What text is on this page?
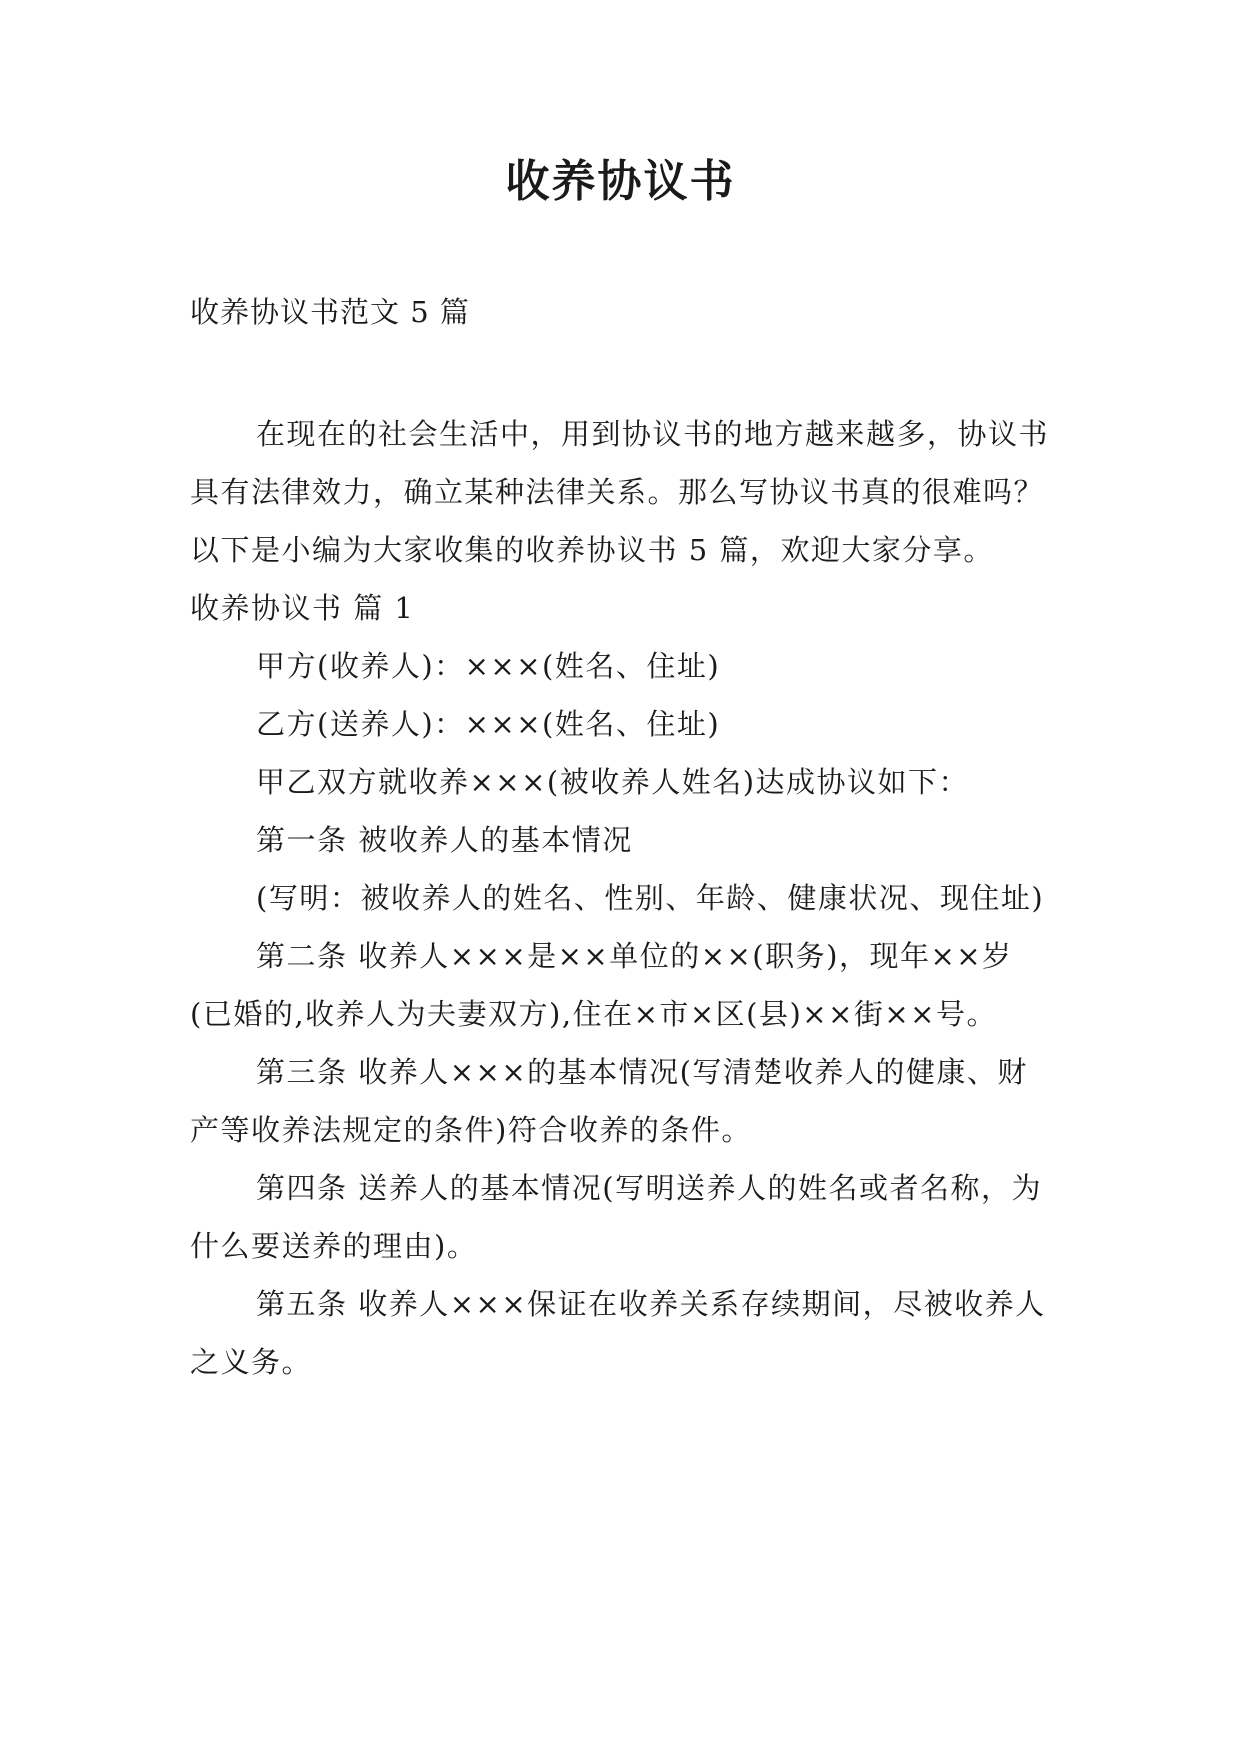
收养协议书

收养协议书范文 5 篇

在现在的社会生活中，用到协议书的地方越来越多，协议书具有法律效力，确立某种法律关系。那么写协议书真的很难吗？以下是小编为大家收集的收养协议书 5 篇，欢迎大家分享。

收养协议书 篇 1

甲方(收养人)：×××(姓名、住址)

乙方(送养人)：×××(姓名、住址)

甲乙双方就收养×××(被收养人姓名)达成协议如下：

第一条 被收养人的基本情况

(写明：被收养人的姓名、性别、年龄、健康状况、现住址)

第二条 收养人×××是××单位的××(职务)，现年××岁(已婚的,收养人为夫妻双方),住在×市×区(县)××街××号。

第三条 收养人×××的基本情况(写清楚收养人的健康、财产等收养法规定的条件)符合收养的条件。

第四条 送养人的基本情况(写明送养人的姓名或者名称，为什么要送养的理由)。

第五条 收养人×××保证在收养关系存续期间，尽被收养人之义务。
